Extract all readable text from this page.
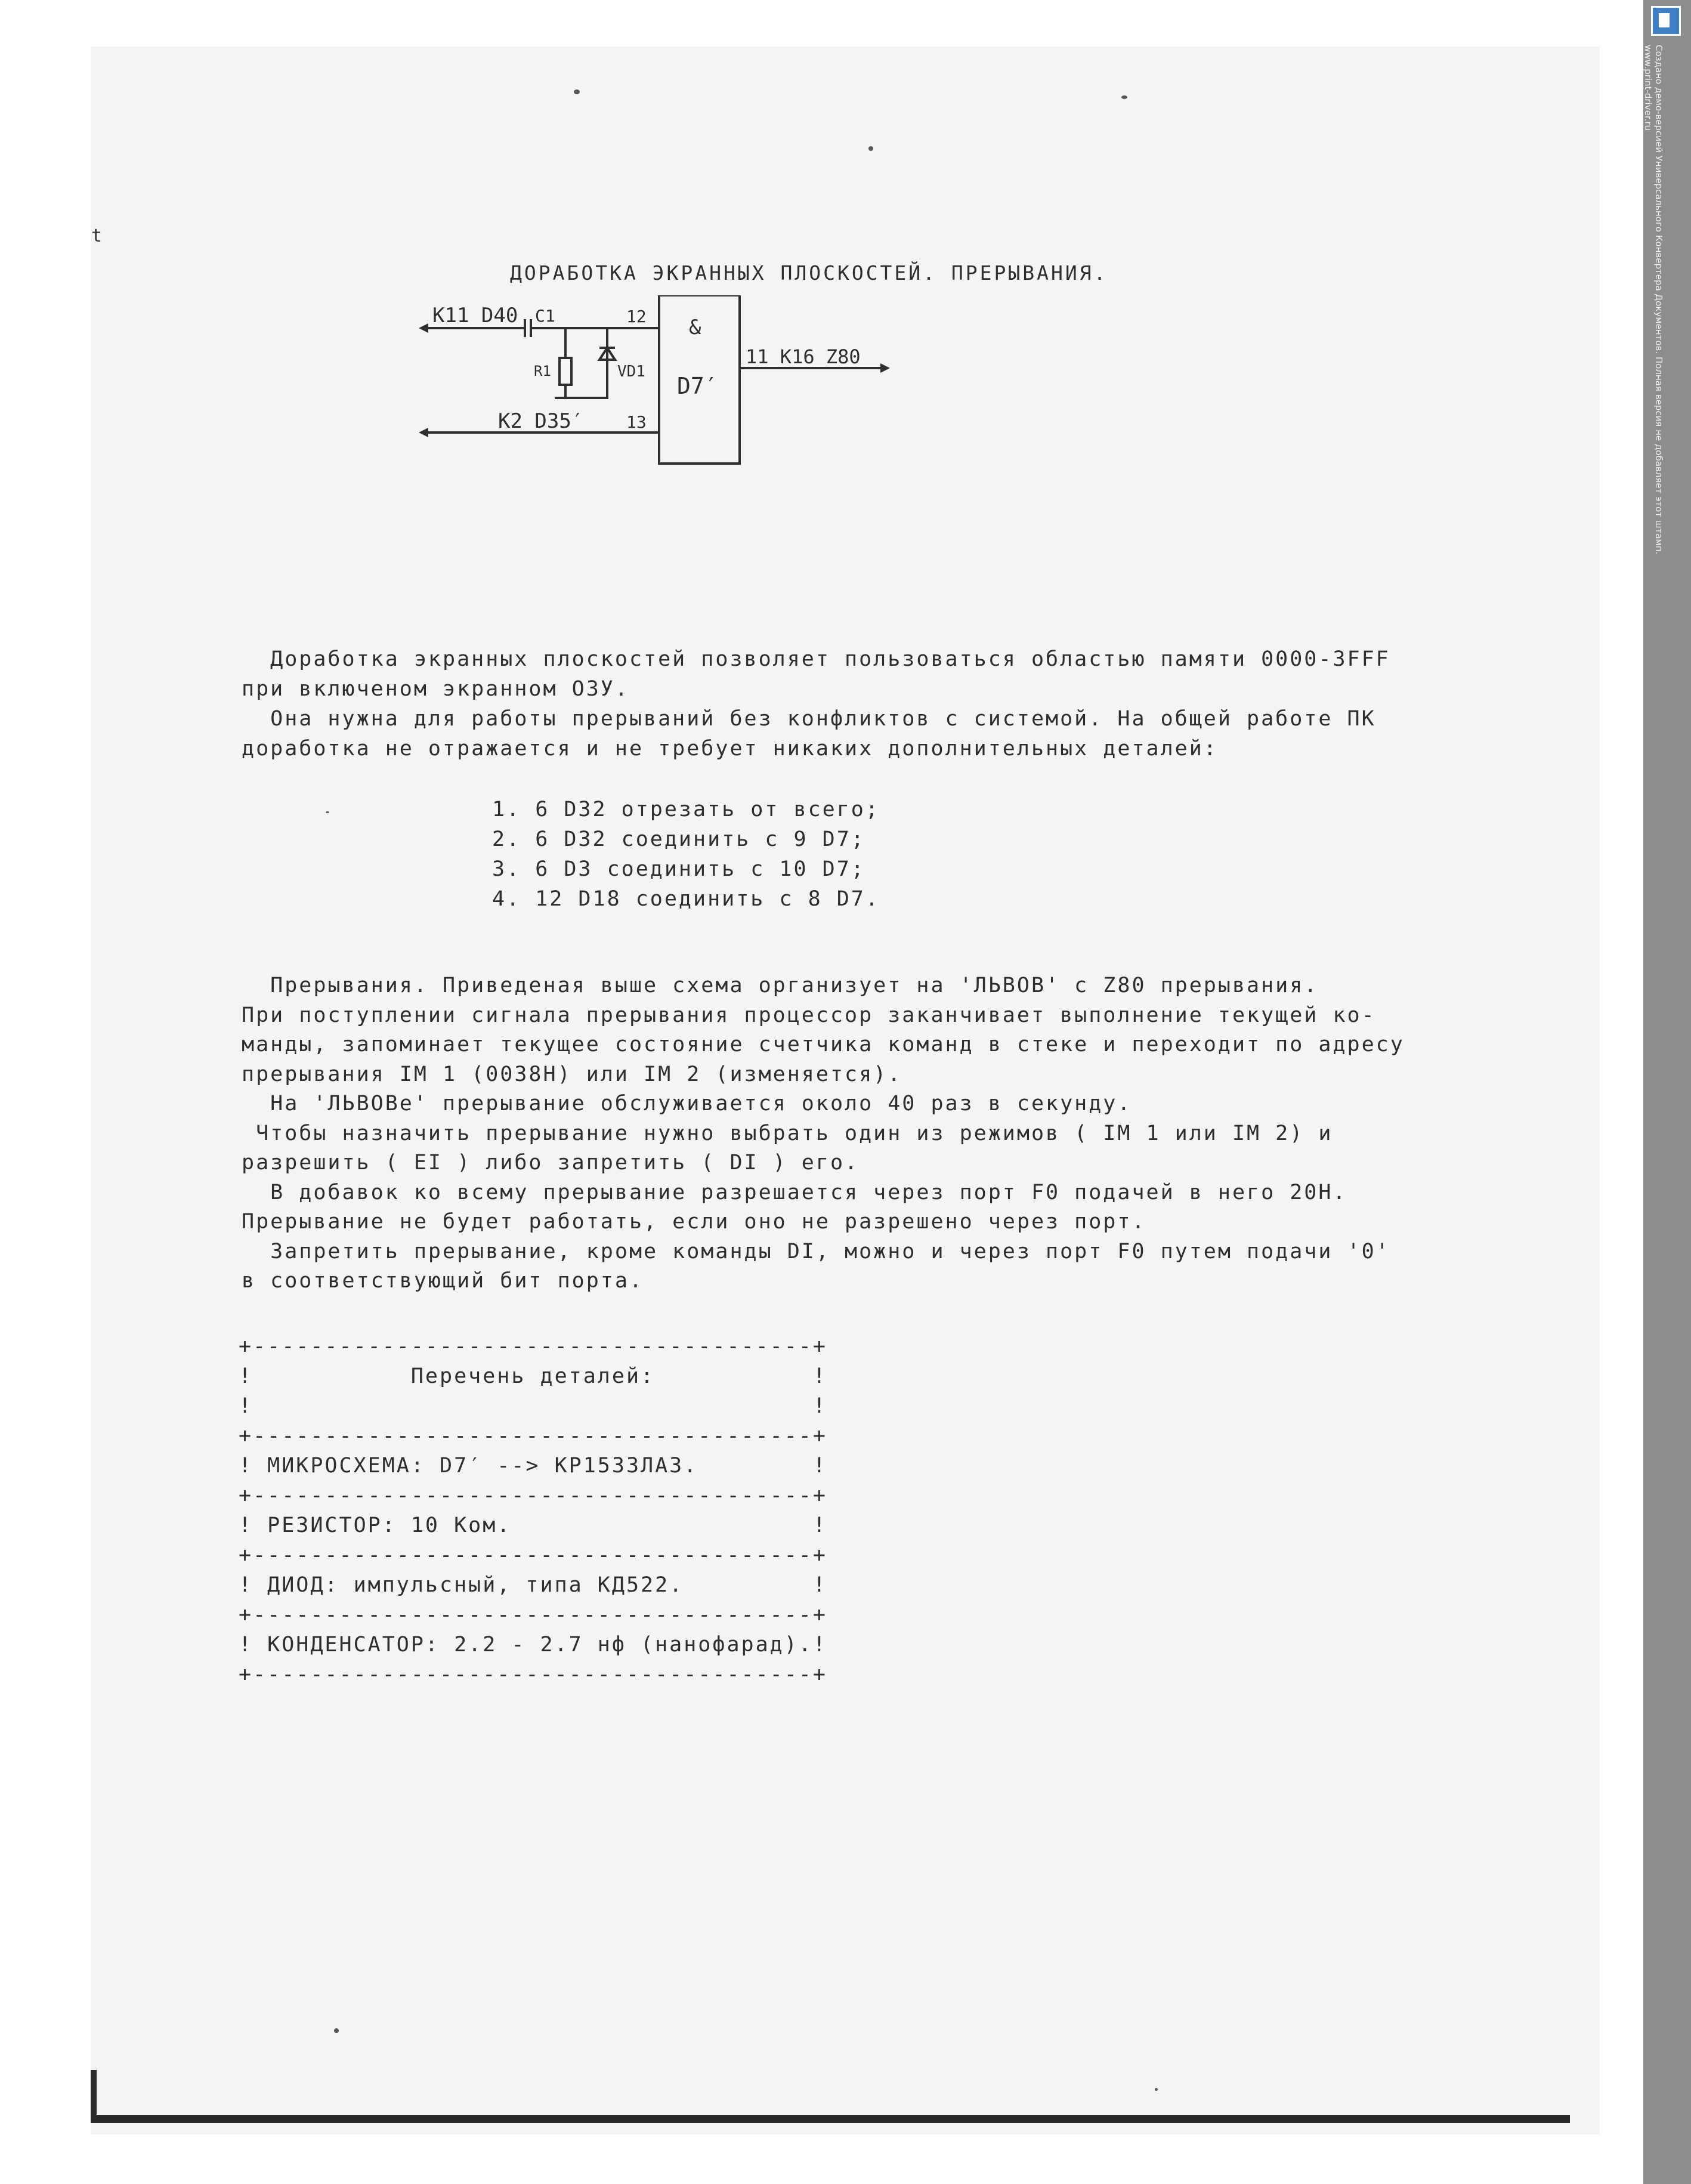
t
ДОРАБОТКА ЭКРАННЫХ ПЛОСКОСТЕЙ. ПРЕРЫВАНИЯ.
K11 D40 C1
R1	VD1
12
13
&
D7′
11 K16 Z80
K2 D35′
Доработка экранных плоскостей позволяет пользоваться областью памяти 0000-3FFF
при включеном экранном ОЗУ.
Она нужна для работы прерываний без конфликтов с системой. На общей работе ПК
доработка не отражается и не требует никаких дополнительных деталей:
1. 6 D32 отрезать от всего;
2. 6 D32 соединить с 9 D7;
3. 6 D3 соединить с 10 D7;
4. 12 D18 соединить с 8 D7.
Прерывания. Приведеная выше схема организует на 'ЛЬВОВ' с Z80 прерывания.
При поступлении сигнала прерывания процессор заканчивает выполнение текущей ко-
манды, запоминает текущее состояние счетчика команд в стеке и переходит по адресу
прерывания IM 1 (0038H) или IM 2 (изменяется).
На 'ЛЬВОВе' прерывание обслуживается около 40 раз в секунду.
Чтобы назначить прерывание нужно выбрать один из режимов ( IM 1 или IM 2) и
разрешить ( EI ) либо запретить ( DI ) его.
В добавок ко всему прерывание разрешается через порт F0 подачей в него 20H.
Прерывание не будет работать, если оно не разрешено через порт.
Запретить прерывание, кроме команды DI, можно и через порт F0 путем подачи '0'
в соответствующий бит порта.
+---------------------------------------+
!           Перечень деталей:           !
!                                       !
+---------------------------------------+
! МИКРОСХЕМА: D7′ --> КР1533ЛА3.        !
+---------------------------------------+
! РЕЗИСТОР: 10 Ком.                     !
+---------------------------------------+
! ДИОД: импульсный, типа КД522.         !
+---------------------------------------+
! КОНДЕНСАТОР: 2.2 - 2.7 нф (нанофарад).!
+---------------------------------------+
